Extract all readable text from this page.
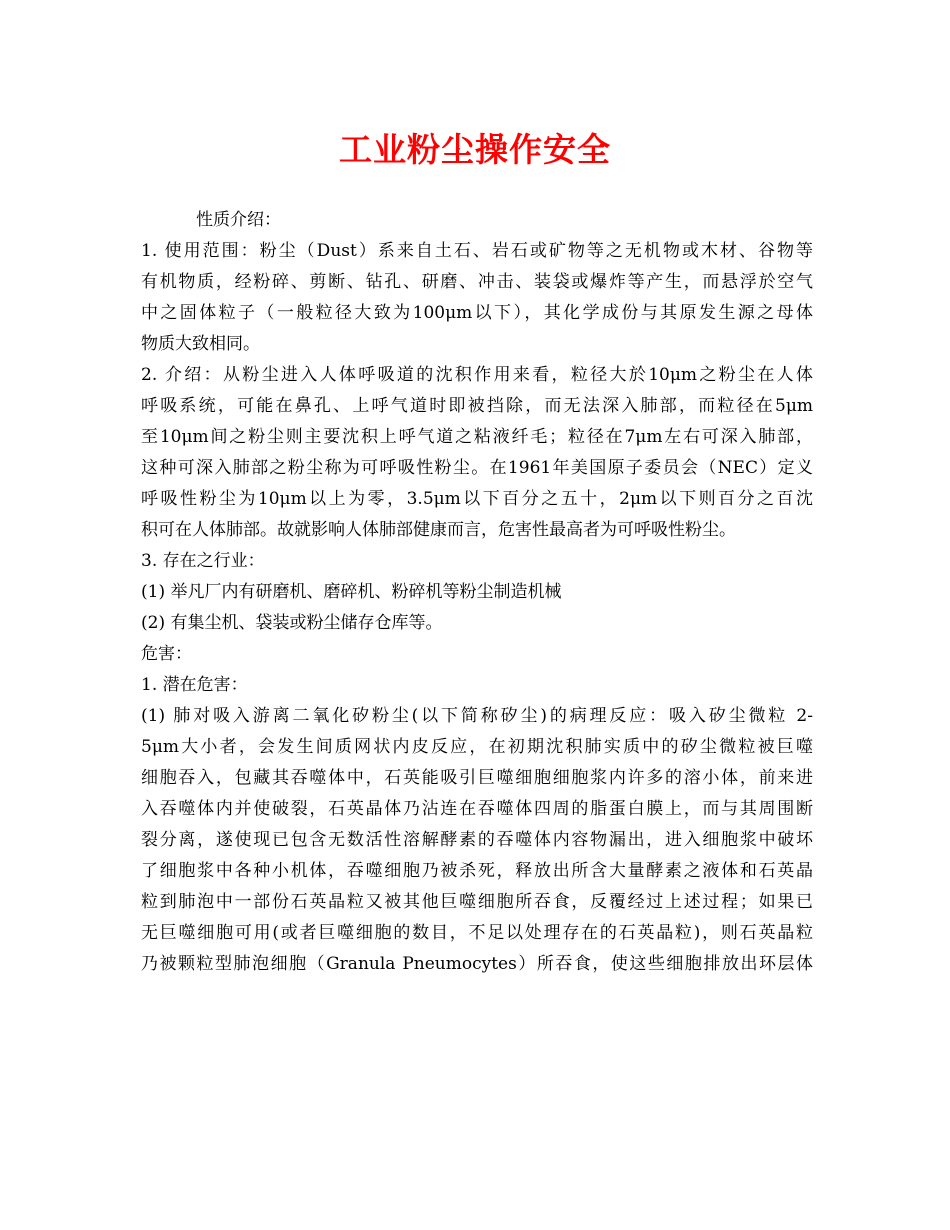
工业粉尘操作安全
性质介绍：
1. 使用范围：粉尘（Dust）系来自土石、岩石或矿物等之无机物或木材、谷物等
有机物质，经粉碎、剪断、钻孔、研磨、冲击、装袋或爆炸等产生，而悬浮於空气
中之固体粒子（一般粒径大致为100μm以下），其化学成份与其原发生源之母体
物质大致相同。
2. 介绍：从粉尘进入人体呼吸道的沈积作用来看，粒径大於10μm之粉尘在人体
呼吸系统，可能在鼻孔、上呼气道时即被挡除，而无法深入肺部，而粒径在5μm
至10μm间之粉尘则主要沈积上呼气道之粘液纤毛；粒径在7μm左右可深入肺部，
这种可深入肺部之粉尘称为可呼吸性粉尘。在1961年美国原子委员会（NEC）定义
呼吸性粉尘为10μm以上为零，3.5μm以下百分之五十，2μm以下则百分之百沈
积可在人体肺部。故就影响人体肺部健康而言，危害性最高者为可呼吸性粉尘。
3. 存在之行业：
(1) 举凡厂内有研磨机、磨碎机、粉碎机等粉尘制造机械
(2) 有集尘机、袋装或粉尘储存仓库等。
危害：
1. 潜在危害：
(1) 肺对吸入游离二氧化矽粉尘(以下简称矽尘)的病理反应：吸入矽尘微粒 2-
5μm大小者，会发生间质网状内皮反应，在初期沈积肺实质中的矽尘微粒被巨噬
细胞吞入，包藏其吞噬体中，石英能吸引巨噬细胞细胞浆内许多的溶小体，前来进
入吞噬体内并使破裂，石英晶体乃沾连在吞噬体四周的脂蛋白膜上，而与其周围断
裂分离，遂使现已包含无数活性溶解酵素的吞噬体内容物漏出，进入细胞浆中破坏
了细胞浆中各种小机体，吞噬细胞乃被杀死，释放出所含大量酵素之液体和石英晶
粒到肺泡中一部份石英晶粒又被其他巨噬细胞所吞食，反覆经过上述过程；如果已
无巨噬细胞可用(或者巨噬细胞的数目，不足以处理存在的石英晶粒)，则石英晶粒
乃被颗粒型肺泡细胞（Granula Pneumocytes）所吞食，使这些细胞排放出环层体
